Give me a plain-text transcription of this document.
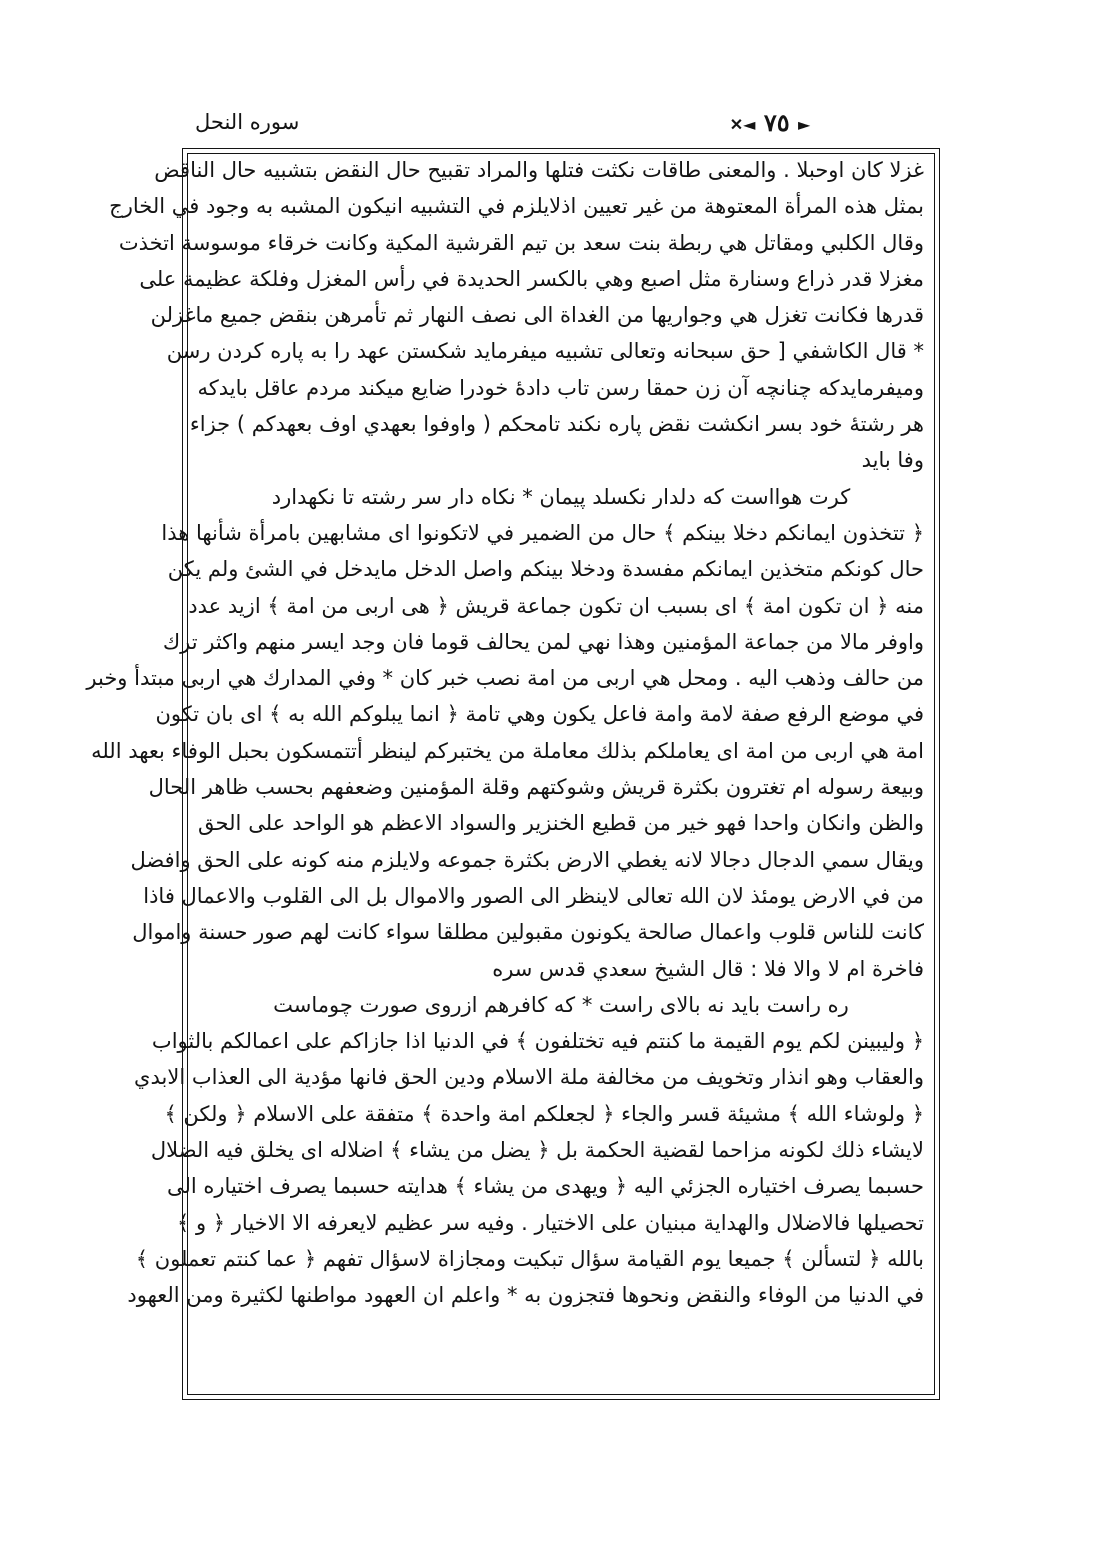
سوره النحل	✕◄ ٧٥ ►
غزلا كان اوحبلا . والمعنى طاقات نكثت فتلها والمراد تقبيح حال النقض بتشبيه حال الناقض
بمثل هذه المرأة المعتوهة من غير تعيين اذلايلزم في التشبيه انيكون المشبه به وجود في الخارج
وقال الكلبي ومقاتل هي ربطة بنت سعد بن تيم القرشية المكية وكانت خرقاء موسوسة اتخذت
مغزلا قدر ذراع وسنارة مثل اصبع وهي بالكسر الحديدة في رأس المغزل وفلكة عظيمة على
قدرها فكانت تغزل هي وجواريها من الغداة الى نصف النهار ثم تأمرهن بنقض جميع ماغزلن
* قال الكاشفي [ حق سبحانه وتعالى تشبيه ميفرمايد شكستن عهد را به پاره كردن رسن
وميفرمايدكه چنانچه آن زن حمقا رسن تاب دادهٔ خودرا ضايع ميكند مردم عاقل بايدكه
هر رشتهٔ خود بسر انكشت نقض پاره نكند تامحكم ( واوفوا بعهدي اوف بعهدكم ) جزاء
وفا بايد
كرت هوااست كه دلدار نكسلد پيمان * نكاه دار سر رشته تا نكهدارد
﴿ تتخذون ايمانكم دخلا بينكم ﴾ حال من الضمير في لاتكونوا اى مشابهين بامرأة شأنها هذا
حال كونكم متخذين ايمانكم مفسدة ودخلا بينكم واصل الدخل مايدخل في الشئ ولم يكن
منه ﴿ ان تكون امة ﴾ اى بسبب ان تكون جماعة قريش ﴿ هى اربى من امة ﴾ ازيد عدد
واوفر مالا من جماعة المؤمنين وهذا نهي لمن يحالف قوما فان وجد ايسر منهم واكثر ترك
من حالف وذهب اليه . ومحل هي اربى من امة نصب خبر كان * وفي المدارك هي اربى مبتدأ وخبر
في موضع الرفع صفة لامة وامة فاعل يكون وهي تامة ﴿ انما يبلوكم الله به ﴾ اى بان تكون
امة هي اربى من امة اى يعاملكم بذلك معاملة من يختبركم لينظر أتتمسكون بحبل الوفاء بعهد الله
وبيعة رسوله ام تغترون بكثرة قريش وشوكتهم وقلة المؤمنين وضعفهم بحسب ظاهر الحال
والظن وانكان واحدا فهو خير من قطيع الخنزير والسواد الاعظم هو الواحد على الحق
ويقال سمي الدجال دجالا لانه يغطي الارض بكثرة جموعه ولايلزم منه كونه على الحق وافضل
من في الارض يومئذ لان الله تعالى لاينظر الى الصور والاموال بل الى القلوب والاعمال فاذا
كانت للناس قلوب واعمال صالحة يكونون مقبولين مطلقا سواء كانت لهم صور حسنة واموال
فاخرة ام لا والا فلا : قال الشيخ سعدي قدس سره
ره راست بايد نه بالاى راست * كه كافرهم ازروى صورت چوماست
﴿ وليبينن لكم يوم القيمة ما كنتم فيه تختلفون ﴾ في الدنيا اذا جازاكم على اعمالكم بالثواب
والعقاب وهو انذار وتخويف من مخالفة ملة الاسلام ودين الحق فانها مؤدية الى العذاب الابدي
﴿ ولوشاء الله ﴾ مشيئة قسر والجاء ﴿ لجعلكم امة واحدة ﴾ متفقة على الاسلام ﴿ ولكن ﴾
لايشاء ذلك لكونه مزاحما لقضية الحكمة بل ﴿ يضل من يشاء ﴾ اضلاله اى يخلق فيه الضلال
حسبما يصرف اختياره الجزئي اليه ﴿ ويهدى من يشاء ﴾ هدايته حسبما يصرف اختياره الى
تحصيلها فالاضلال والهداية مبنيان على الاختيار . وفيه سر عظيم لايعرفه الا الاخيار ﴿ و ﴾
بالله ﴿ لتسألن ﴾ جميعا يوم القيامة سؤال تبكيت ومجازاة لاسؤال تفهم ﴿ عما كنتم تعملون ﴾
في الدنيا من الوفاء والنقض ونحوها فتجزون به * واعلم ان العهود مواطنها لكثيرة ومن العهود
